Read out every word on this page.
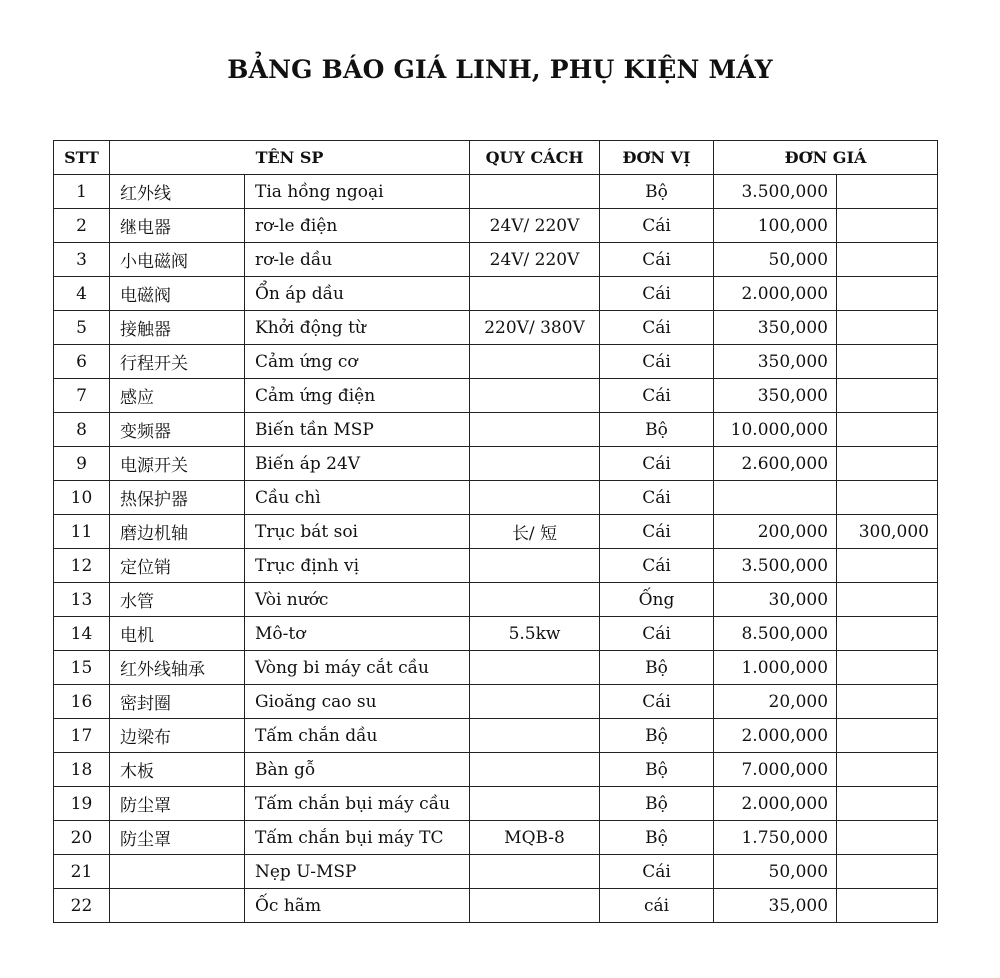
BẢNG BÁO GIÁ LINH, PHỤ KIỆN MÁY
STT	TÊN SP		QUY CÁCH	ĐƠN VỊ	ĐƠN GIÁ	
1	红外线	Tia hồng ngoại		Bộ	3.500,000	
2	继电器	rơ-le điện	24V/ 220V	Cái	100,000	
3	小电磁阀	rơ-le dầu	24V/ 220V	Cái	50,000	
4	电磁阀	Ổn áp dầu		Cái	2.000,000	
5	接触器	Khởi động từ	220V/ 380V	Cái	350,000	
6	行程开关	Cảm ứng cơ		Cái	350,000	
7	感应	Cảm ứng điện		Cái	350,000	
8	变频器	Biến tần MSP		Bộ	10.000,000	
9	电源开关	Biến áp 24V		Cái	2.600,000	
10	热保护器	Cầu chì		Cái		
11	磨边机轴	Trục bát soi	长/ 短	Cái	200,000	300,000
12	定位销	Trục định vị		Cái	3.500,000	
13	水管	Vòi nước		Ống	30,000	
14	电机	Mô-tơ	5.5kw	Cái	8.500,000	
15	红外线轴承	Vòng bi máy cắt cầu		Bộ	1.000,000	
16	密封圈	Gioăng cao su		Cái	20,000	
17	边梁布	Tấm chắn dầu		Bộ	2.000,000	
18	木板	Bàn gỗ		Bộ	7.000,000	
19	防尘罩	Tấm chắn bụi máy cầu		Bộ	2.000,000	
20	防尘罩	Tấm chắn bụi máy TC	MQB-8	Bộ	1.750,000	
21		Nẹp U-MSP		Cái	50,000	
22		Ốc hãm		cái	35,000	
